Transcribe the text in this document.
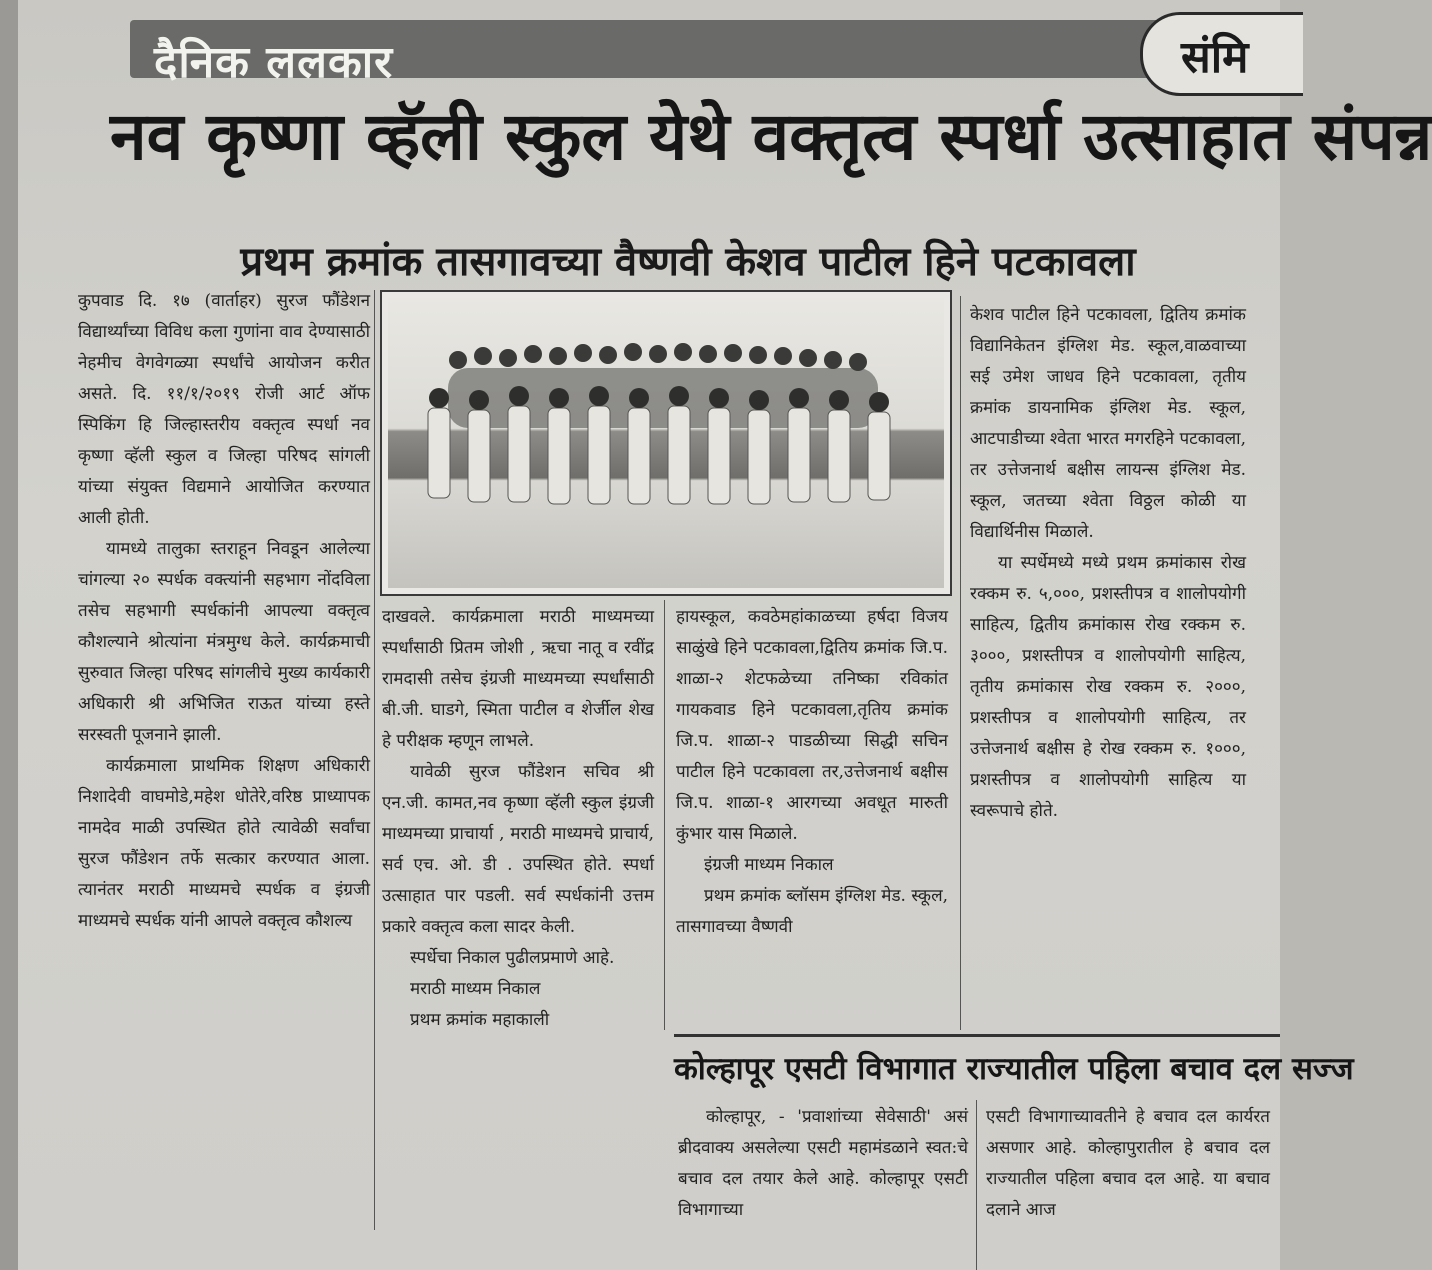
दैनिक ललकार	संमि
नव कृष्णा व्हॅली स्कुल येथे वक्तृत्व स्पर्धा उत्साहात संपन्न
प्रथम क्रमांक तासगावच्या वैष्णवी केशव पाटील हिने पटकावला

कुपवाड दि. १७ (वार्ताहर) सुरज फौंडेशन विद्यार्थ्यांच्या विविध कला गुणांना वाव देण्यासाठी नेहमीच वेगवेगळ्या स्पर्धांचे आयोजन करीत असते. दि. ११/१/२०१९ रोजी आर्ट ऑफ स्पिकिंग हि जिल्हास्तरीय वक्तृत्व स्पर्धा नव कृष्णा व्हॅली स्कुल व जिल्हा परिषद सांगली यांच्या संयुक्त विद्यमाने आयोजित करण्यात आली होती.

यामध्ये तालुका स्तराहून निवडून आलेल्या चांगल्या २० स्पर्धक वक्त्यांनी सहभाग नोंदविला तसेच सहभागी स्पर्धकांनी आपल्या वक्तृत्व कौशल्याने श्रोत्यांना मंत्रमुग्ध केले. कार्यक्रमाची सुरुवात जिल्हा परिषद सांगलीचे मुख्य कार्यकारी अधिकारी श्री अभिजित राऊत यांच्या हस्ते सरस्वती पूजनाने झाली.

कार्यक्रमाला प्राथमिक शिक्षण अधिकारी निशादेवी वाघमोडे,महेश धोतेरे,वरिष्ठ प्राध्यापक नामदेव माळी उपस्थित होते त्यावेळी सर्वांचा सुरज फौंडेशन तर्फे सत्कार करण्यात आला. त्यानंतर मराठी माध्यमचे स्पर्धक व इंग्रजी माध्यमचे स्पर्धक यांनी आपले वक्तृत्व कौशल्य

दाखवले. कार्यक्रमाला मराठी माध्यमच्या स्पर्धांसाठी प्रितम जोशी , ऋचा नातू व रवींद्र रामदासी तसेच इंग्रजी माध्यमच्या स्पर्धांसाठी बी.जी. घाडगे, स्मिता पाटील व शेर्जील शेख हे परीक्षक म्हणून लाभले.

यावेळी सुरज फौंडेशन सचिव श्री एन.जी. कामत,नव कृष्णा व्हॅली स्कुल इंग्रजी माध्यमच्या प्राचार्या , मराठी माध्यमचे प्राचार्य, सर्व एच. ओ. डी . उपस्थित होते. स्पर्धा उत्साहात पार पडली. सर्व स्पर्धकांनी उत्तम प्रकारे वक्तृत्व कला सादर केली.

स्पर्धेचा निकाल पुढीलप्रमाणे आहे.

मराठी माध्यम निकाल

प्रथम क्रमांक महाकाली

हायस्कूल, कवठेमहांकाळच्या हर्षदा विजय साळुंखे हिने पटकावला,द्वितिय क्रमांक जि.प. शाळा-२ शेटफळेच्या तनिष्का रविकांत गायकवाड हिने पटकावला,तृतिय क्रमांक जि.प. शाळा-२ पाडळीच्या सिद्धी सचिन पाटील हिने पटकावला तर,उत्तेजनार्थ बक्षीस जि.प. शाळा-१ आरगच्या अवधूत मारुती कुंभार यास मिळाले.

इंग्रजी माध्यम निकाल

प्रथम क्रमांक ब्लॉसम इंग्लिश मेड. स्कूल, तासगावच्या वैष्णवी

केशव पाटील हिने पटकावला, द्वितिय क्रमांक विद्यानिकेतन इंग्लिश मेड. स्कूल,वाळवाच्या सई उमेश जाधव हिने पटकावला, तृतीय क्रमांक डायनामिक इंग्लिश मेड. स्कूल, आटपाडीच्या श्वेता भारत मगरहिने पटकावला, तर उत्तेजनार्थ बक्षीस लायन्स इंग्लिश मेड. स्कूल, जतच्या श्वेता विठ्ठल कोळी या विद्यार्थिनीस मिळाले.

या स्पर्धेमध्ये मध्ये प्रथम क्रमांकास रोख रक्कम रु. ५,०००, प्रशस्तीपत्र व शालोपयोगी साहित्य, द्वितीय क्रमांकास रोख रक्कम रु. ३०००, प्रशस्तीपत्र व शालोपयोगी साहित्य, तृतीय क्रमांकास रोख रक्कम रु. २०००, प्रशस्तीपत्र व शालोपयोगी साहित्य, तर उत्तेजनार्थ बक्षीस हे रोख रक्कम रु. १०००, प्रशस्तीपत्र व शालोपयोगी साहित्य या स्वरूपाचे होते.

कोल्हापूर एसटी विभागात राज्यातील पहिला बचाव दल सज्ज

कोल्हापूर, - 'प्रवाशांच्या सेवेसाठी' असं ब्रीदवाक्य असलेल्या एसटी महामंडळाने स्वत:चे बचाव दल तयार केले आहे. कोल्हापूर एसटी विभागाच्या

एसटी विभागाच्यावतीने हे बचाव दल कार्यरत असणार आहे. कोल्हापुरातील हे बचाव दल राज्यातील पहिला बचाव दल आहे. या बचाव दलाने आज
